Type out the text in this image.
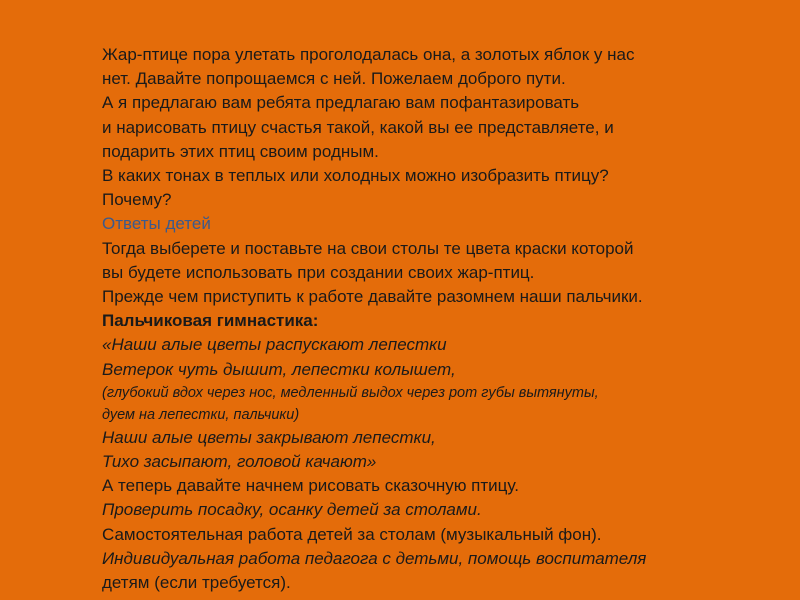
Жар-птице пора улетать проголодалась она, а золотых яблок у нас
нет. Давайте попрощаемся с ней. Пожелаем доброго пути.
А я предлагаю вам ребята предлагаю вам пофантазировать
и нарисовать птицу счастья такой, какой вы ее представляете, и
подарить этих птиц своим родным.
В каких тонах в теплых или холодных можно изобразить птицу?
Почему?
Ответы детей
Тогда выберете и поставьте на свои столы те цвета краски которой
вы будете использовать при создании своих жар-птиц.
Прежде чем приступить к работе давайте разомнем наши пальчики.
Пальчиковая гимнастика:
«Наши алые цветы распускают лепестки
Ветерок чуть дышит, лепестки колышет,
(глубокий вдох через нос, медленный выдох через рот губы вытянуты,
дуем на лепестки, пальчики)
Наши алые цветы закрывают лепестки,
Тихо засыпают, головой качают»
А теперь давайте начнем рисовать сказочную птицу.
Проверить посадку, осанку детей за столами.
Самостоятельная работа детей за столам (музыкальный фон).
Индивидуальная работа педагога с детьми, помощь воспитателя
детям (если требуется).
